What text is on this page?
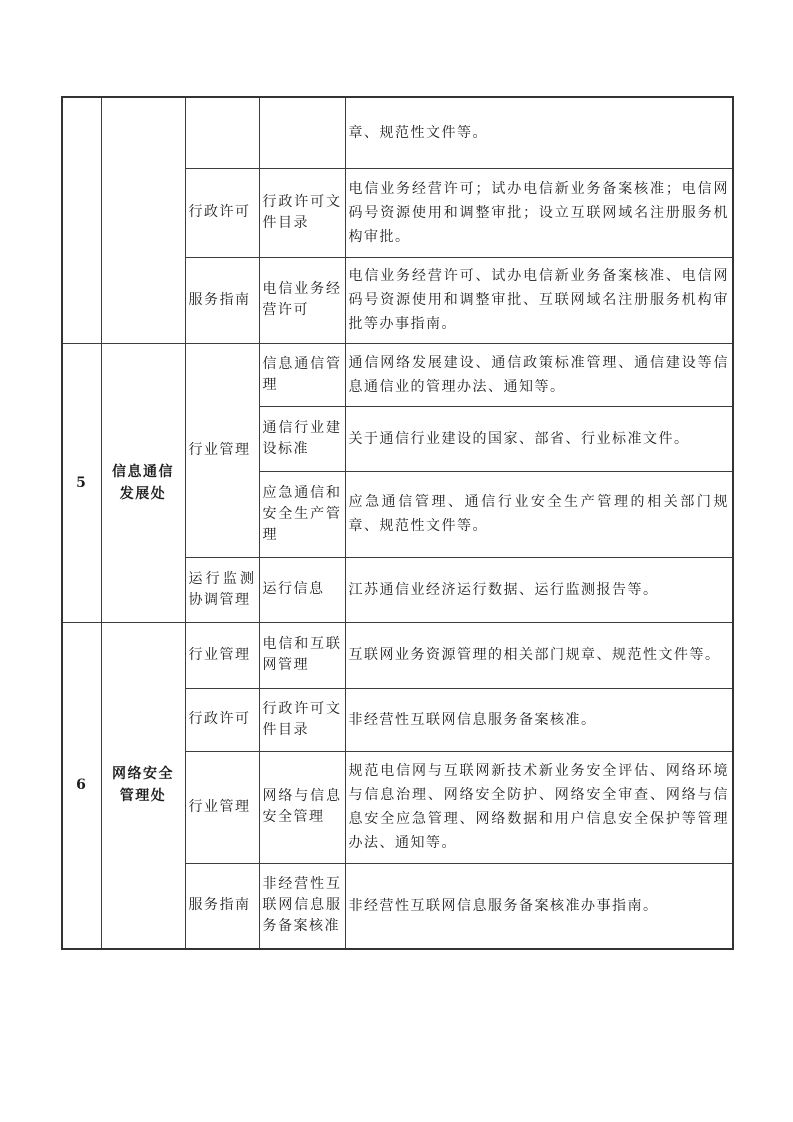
				章、规范性文件等。
		行政许可	行政许可文件目录	电信业务经营许可；试办电信新业务备案核准；电信网码号资源使用和调整审批；设立互联网域名注册服务机构审批。
		服务指南	电信业务经营许可	电信业务经营许可、试办电信新业务备案核准、电信网码号资源使用和调整审批、互联网域名注册服务机构审批等办事指南。
5	信息通信发展处	行业管理	信息通信管理	通信网络发展建设、通信政策标准管理、通信建设等信息通信业的管理办法、通知等。
			通信行业建设标准	关于通信行业建设的国家、部省、行业标准文件。
			应急通信和安全生产管理	应急通信管理、通信行业安全生产管理的相关部门规章、规范性文件等。
		运行监测协调管理	运行信息	江苏通信业经济运行数据、运行监测报告等。
6	网络安全管理处	行业管理	电信和互联网管理	互联网业务资源管理的相关部门规章、规范性文件等。
		行政许可	行政许可文件目录	非经营性互联网信息服务备案核准。
		行业管理	网络与信息安全管理	规范电信网与互联网新技术新业务安全评估、网络环境与信息治理、网络安全防护、网络安全审查、网络与信息安全应急管理、网络数据和用户信息安全保护等管理办法、通知等。
		服务指南	非经营性互联网信息服务备案核准	非经营性互联网信息服务备案核准办事指南。
